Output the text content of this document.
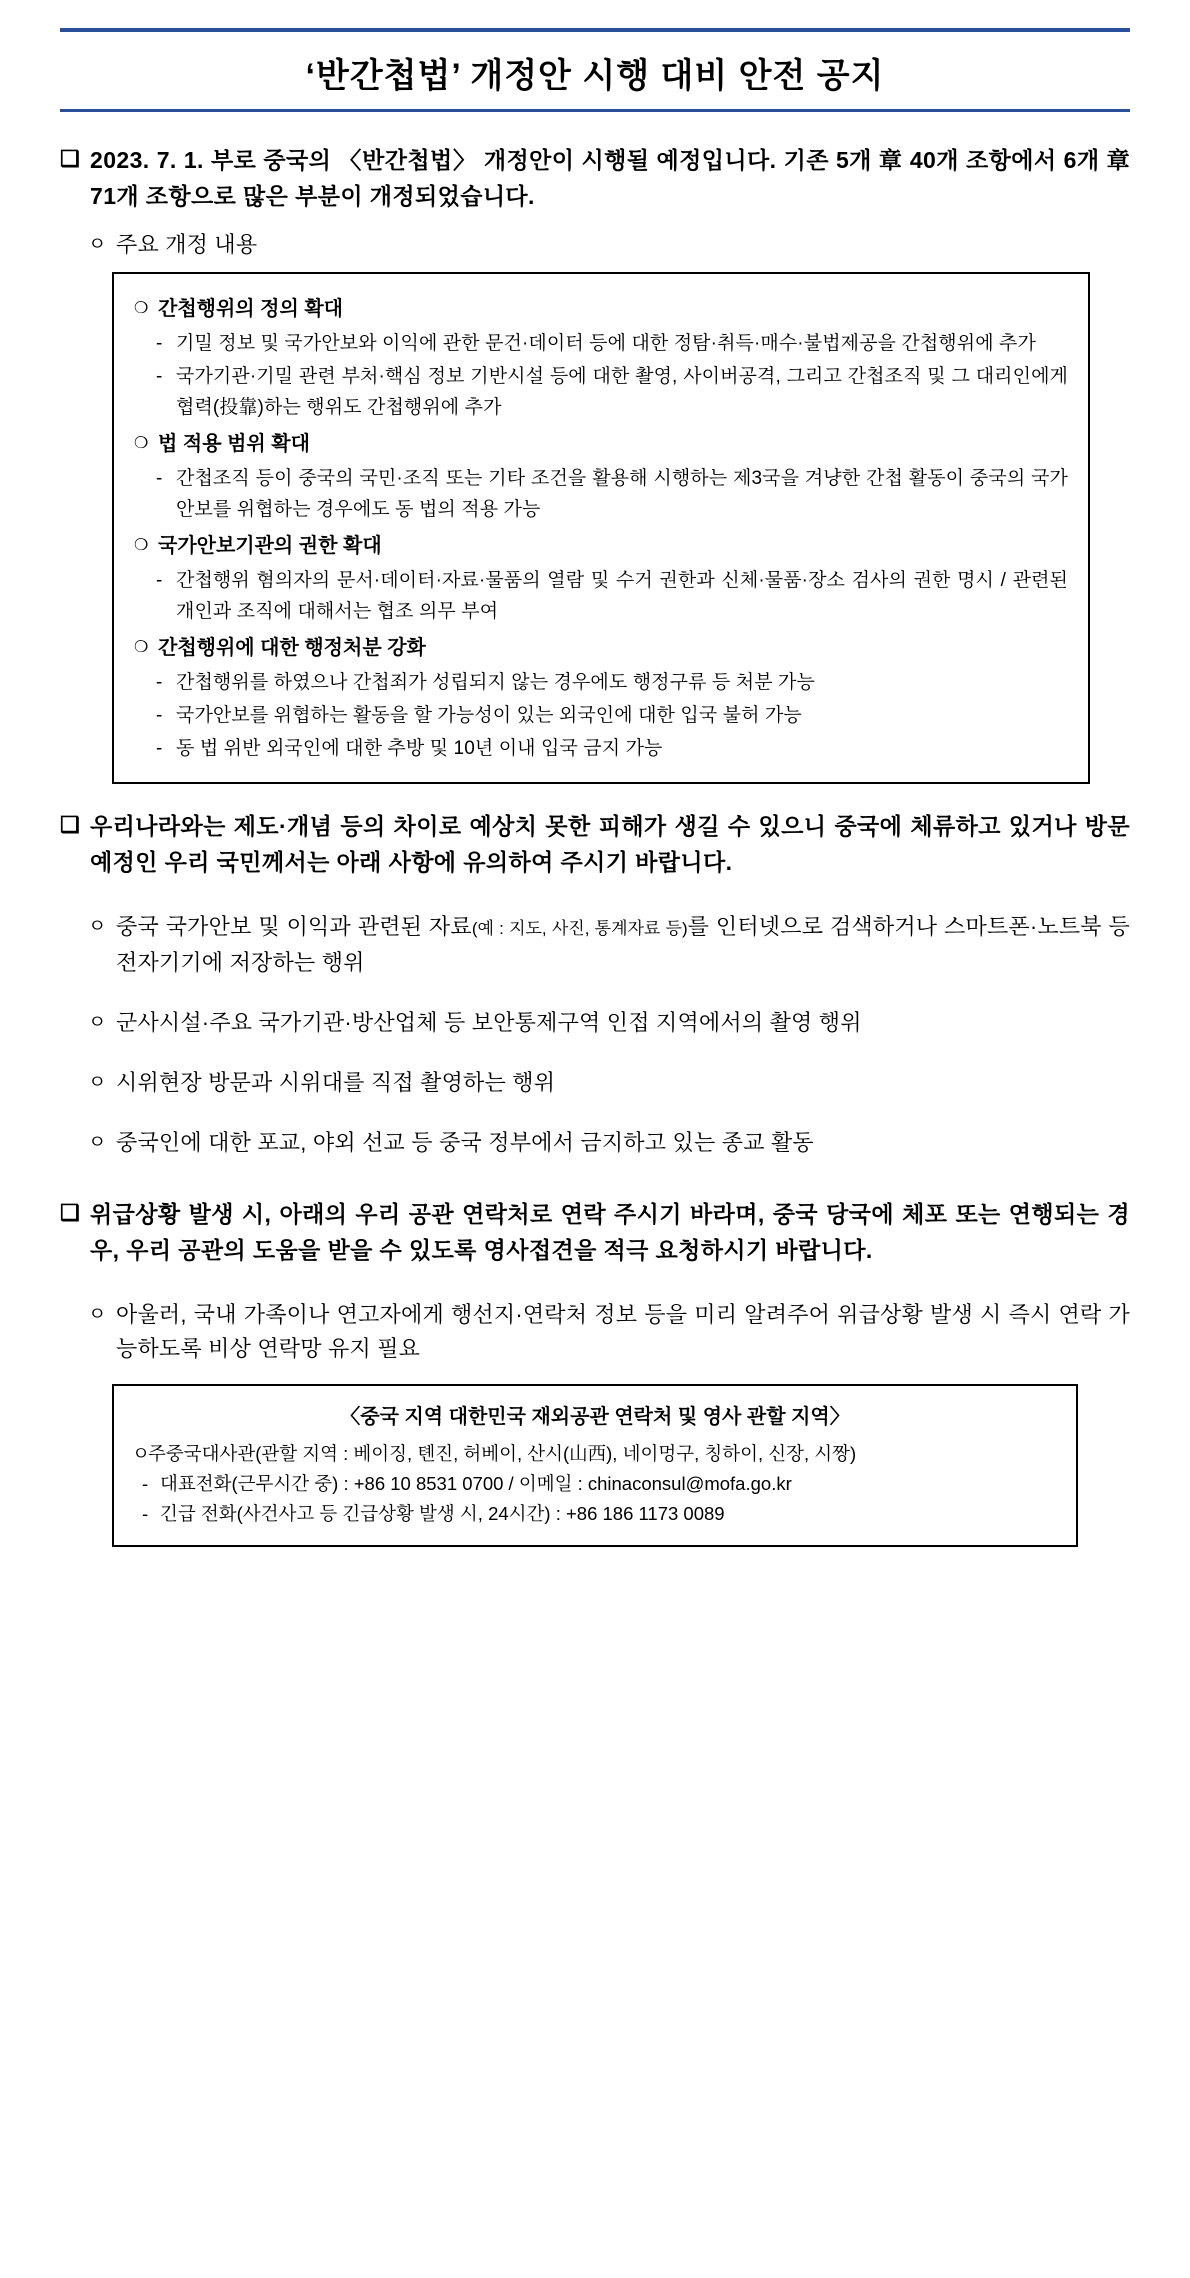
‘반간첩법’ 개정안 시행 대비 안전 공지
❑ 2023. 7. 1. 부로 중국의 〈반간첩법〉 개정안이 시행될 예정입니다. 기존 5개 章 40개 조항에서 6개 章 71개 조항으로 많은 부분이 개정되었습니다.
ㅇ 주요 개정 내용
❍ 간첩행위의 정의 확대
- 기밀 정보 및 국가안보와 이익에 관한 문건·데이터 등에 대한 정탐·취득·매수·불법제공을 간첩행위에 추가
- 국가기관·기밀 관련 부처·핵심 정보 기반시설 등에 대한 촬영, 사이버공격, 그리고 간첩조직 및 그 대리인에게 협력(投靠)하는 행위도 간첩행위에 추가
❍ 법 적용 범위 확대
- 간첩조직 등이 중국의 국민·조직 또는 기타 조건을 활용해 시행하는 제3국을 겨냥한 간첩 활동이 중국의 국가안보를 위협하는 경우에도 동 법의 적용 가능
❍ 국가안보기관의 권한 확대
- 간첩행위 혐의자의 문서·데이터·자료·물품의 열람 및 수거 권한과 신체·물품·장소 검사의 권한 명시 / 관련된 개인과 조직에 대해서는 협조 의무 부여
❍ 간첩행위에 대한 행정처분 강화
- 간첩행위를 하였으나 간첩죄가 성립되지 않는 경우에도 행정구류 등 처분 가능
- 국가안보를 위협하는 활동을 할 가능성이 있는 외국인에 대한 입국 불허 가능
- 동 법 위반 외국인에 대한 추방 및 10년 이내 입국 금지 가능
❑ 우리나라와는 제도·개념 등의 차이로 예상치 못한 피해가 생길 수 있으니 중국에 체류하고 있거나 방문 예정인 우리 국민께서는 아래 사항에 유의하여 주시기 바랍니다.
ㅇ 중국 국가안보 및 이익과 관련된 자료(예 : 지도, 사진, 통계자료 등)를 인터넷으로 검색하거나 스마트폰·노트북 등 전자기기에 저장하는 행위
ㅇ 군사시설·주요 국가기관·방산업체 등 보안통제구역 인접 지역에서의 촬영 행위
ㅇ 시위현장 방문과 시위대를 직접 촬영하는 행위
ㅇ 중국인에 대한 포교, 야외 선교 등 중국 정부에서 금지하고 있는 종교 활동
❑ 위급상황 발생 시, 아래의 우리 공관 연락처로 연락 주시기 바라며, 중국 당국에 체포 또는 연행되는 경우, 우리 공관의 도움을 받을 수 있도록 영사접견을 적극 요청하시기 바랍니다.
ㅇ 아울러, 국내 가족이나 연고자에게 행선지·연락처 정보 등을 미리 알려주어 위급상황 발생 시 즉시 연락 가능하도록 비상 연락망 유지 필요
〈중국 지역 대한민국 재외공관 연락처 및 영사 관할 지역〉
ㅇ
주중국대사관(관할 지역 : 베이징, 톈진, 허베이, 산시(山西), 네이멍구, 칭하이, 신장, 시짱)
- 대표전화(근무시간 중) : +86 10 8531 0700 / 이메일 : chinaconsul@mofa.go.kr
- 긴급 전화(사건사고 등 긴급상황 발생 시, 24시간) : +86 186 1173 0089
